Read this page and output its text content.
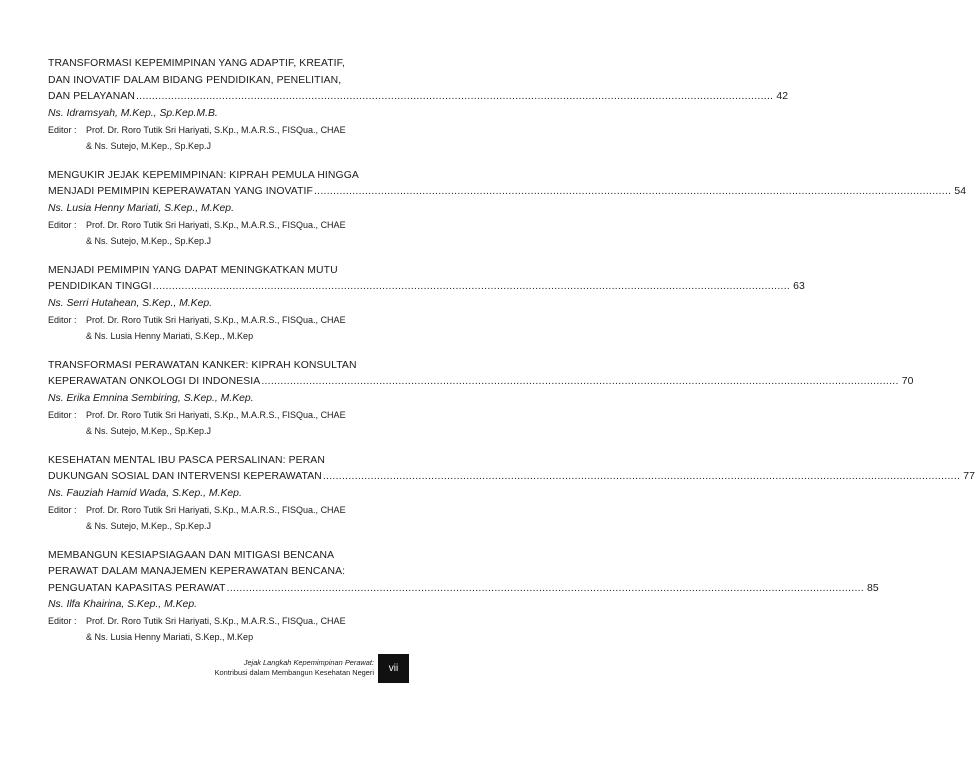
TRANSFORMASI KEPEMIMPINAN YANG ADAPTIF, KREATIF,
DAN INOVATIF DALAM BIDANG PENDIDIKAN, PENELITIAN,
DAN PELAYANAN ........................................................................................................................................................................................................ 42
Ns. Idramsyah, M.Kep., Sp.Kep.M.B.
Editor :	Prof. Dr. Roro Tutik Sri Hariyati, S.Kp., M.A.R.S., FISQua., CHAE
& Ns. Sutejo, M.Kep., Sp.Kep.J
MENGUKIR JEJAK KEPEMIMPINAN: KIPRAH PEMULA HINGGA
MENJADI PEMIMPIN KEPERAWATAN YANG INOVATIF ........................................................................................................................................................................................................ 54
Ns. Lusia Henny Mariati, S.Kep., M.Kep.
Editor :	Prof. Dr. Roro Tutik Sri Hariyati, S.Kp., M.A.R.S., FISQua., CHAE
& Ns. Sutejo, M.Kep., Sp.Kep.J
MENJADI PEMIMPIN YANG DAPAT MENINGKATKAN MUTU
PENDIDIKAN TINGGI ........................................................................................................................................................................................................ 63
Ns. Serri Hutahean, S.Kep., M.Kep.
Editor :	Prof. Dr. Roro Tutik Sri Hariyati, S.Kp., M.A.R.S., FISQua., CHAE
& Ns. Lusia Henny Mariati, S.Kep., M.Kep
TRANSFORMASI PERAWATAN KANKER: KIPRAH KONSULTAN
KEPERAWATAN ONKOLOGI DI INDONESIA ........................................................................................................................................................................................................ 70
Ns. Erika Emnina Sembiring, S.Kep., M.Kep.
Editor :	Prof. Dr. Roro Tutik Sri Hariyati, S.Kp., M.A.R.S., FISQua., CHAE
& Ns. Sutejo, M.Kep., Sp.Kep.J
KESEHATAN MENTAL IBU PASCA PERSALINAN: PERAN
DUKUNGAN SOSIAL DAN INTERVENSI KEPERAWATAN ........................................................................................................................................................................................................ 77
Ns. Fauziah Hamid Wada, S.Kep., M.Kep.
Editor :	Prof. Dr. Roro Tutik Sri Hariyati, S.Kp., M.A.R.S., FISQua., CHAE
& Ns. Sutejo, M.Kep., Sp.Kep.J
MEMBANGUN KESIAPSIAGAAN DAN MITIGASI BENCANA
PERAWAT DALAM MANAJEMEN KEPERAWATAN BENCANA:
PENGUATAN KAPASITAS PERAWAT ........................................................................................................................................................................................................ 85
Ns. Ilfa Khairina, S.Kep., M.Kep.
Editor :	Prof. Dr. Roro Tutik Sri Hariyati, S.Kp., M.A.R.S., FISQua., CHAE
& Ns. Lusia Henny Mariati, S.Kep., M.Kep
Jejak Langkah Kepemimpinan Perawat:
Kontribusi dalam Membangun Kesehatan Negeri	vii
